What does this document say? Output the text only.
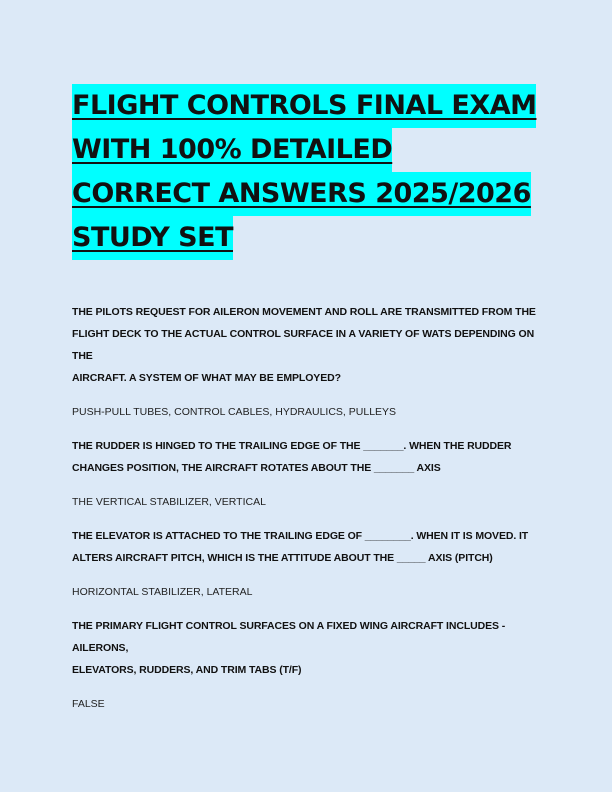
FLIGHT CONTROLS FINAL EXAM
WITH 100% DETAILED
CORRECT ANSWERS 2025/2026
STUDY SET
THE PILOTS REQUEST FOR AILERON MOVEMENT AND ROLL ARE TRANSMITTED FROM THE
FLIGHT DECK TO THE ACTUAL CONTROL SURFACE IN A VARIETY OF WATS DEPENDING ON THE
AIRCRAFT. A SYSTEM OF WHAT MAY BE EMPLOYED?
PUSH-PULL TUBES, CONTROL CABLES, HYDRAULICS, PULLEYS
THE RUDDER IS HINGED TO THE TRAILING EDGE OF THE _______. WHEN THE RUDDER
CHANGES POSITION, THE AIRCRAFT ROTATES ABOUT THE _______ AXIS
THE VERTICAL STABILIZER, VERTICAL
THE ELEVATOR IS ATTACHED TO THE TRAILING EDGE OF ________. WHEN IT IS MOVED. IT
ALTERS AIRCRAFT PITCH, WHICH IS THE ATTITUDE ABOUT THE _____ AXIS (PITCH)
HORIZONTAL STABILIZER, LATERAL
THE PRIMARY FLIGHT CONTROL SURFACES ON A FIXED WING AIRCRAFT INCLUDES - AILERONS,
ELEVATORS, RUDDERS, AND TRIM TABS (T/F)
FALSE
